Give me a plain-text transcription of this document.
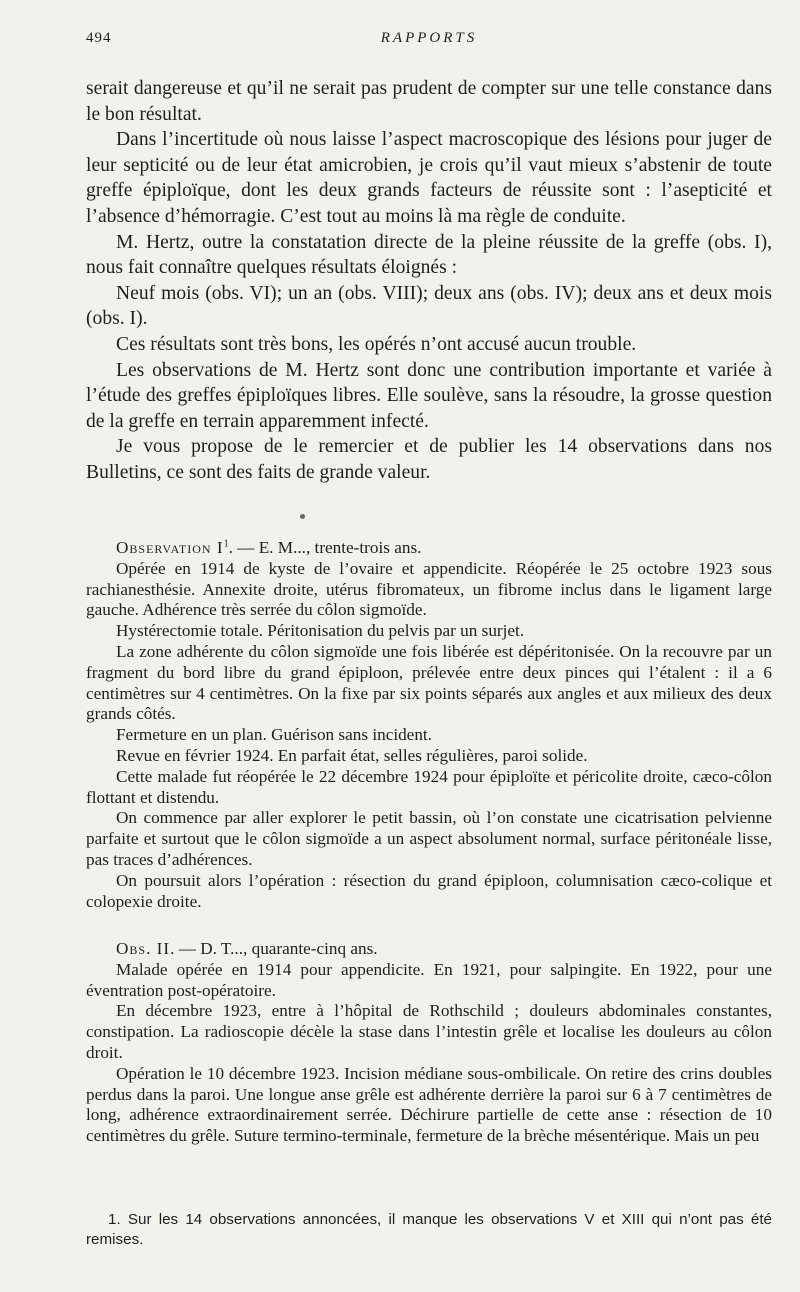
494	RAPPORTS

serait dangereuse et qu’il ne serait pas prudent de compter sur une telle constance dans le bon résultat.

Dans l’incertitude où nous laisse l’aspect macroscopique des lésions pour juger de leur septicité ou de leur état amicrobien, je crois qu’il vaut mieux s’abstenir de toute greffe épiploïque, dont les deux grands facteurs de réussite sont : l’asepticité et l’absence d’hémorragie. C’est tout au moins là ma règle de conduite.

M. Hertz, outre la constatation directe de la pleine réussite de la greffe (obs. I), nous fait connaître quelques résultats éloignés :

Neuf mois (obs. VI); un an (obs. VIII); deux ans (obs. IV); deux ans et deux mois (obs. I).

Ces résultats sont très bons, les opérés n’ont accusé aucun trouble.

Les observations de M. Hertz sont donc une contribution importante et variée à l’étude des greffes épiploïques libres. Elle soulève, sans la résoudre, la grosse question de la greffe en terrain apparemment infecté.

Je vous propose de le remercier et de publier les 14 observations dans nos Bulletins, ce sont des faits de grande valeur.

Observation $I^1$. — E. M..., trente-trois ans.

Opérée en 1914 de kyste de l’ovaire et appendicite. Réopérée le 25 octobre 1923 sous rachianesthésie. Annexite droite, utérus fibromateux, un fibrome inclus dans le ligament large gauche. Adhérence très serrée du côlon sigmoïde.

Hystérectomie totale. Péritonisation du pelvis par un surjet.

La zone adhérente du côlon sigmoïde une fois libérée est dépéritonisée. On la recouvre par un fragment du bord libre du grand épiploon, prélevée entre deux pinces qui l’étalent : il a 6 centimètres sur 4 centimètres. On la fixe par six points séparés aux angles et aux milieux des deux grands côtés.

Fermeture en un plan. Guérison sans incident.

Revue en février 1924. En parfait état, selles régulières, paroi solide.

Cette malade fut réopérée le 22 décembre 1924 pour épiploïte et péricolite droite, cæco-côlon flottant et distendu.

On commence par aller explorer le petit bassin, où l’on constate une cicatrisation pelvienne parfaite et surtout que le côlon sigmoïde a un aspect absolument normal, surface péritonéale lisse, pas traces d’adhérences.

On poursuit alors l’opération : résection du grand épiploon, columnisation cæco-colique et colopexie droite.

Obs. II. — D. T..., quarante-cinq ans.

Malade opérée en 1914 pour appendicite. En 1921, pour salpingite. En 1922, pour une éventration post-opératoire.

En décembre 1923, entre à l’hôpital de Rothschild ; douleurs abdominales constantes, constipation. La radioscopie décèle la stase dans l’intestin grêle et localise les douleurs au côlon droit.

Opération le 10 décembre 1923. Incision médiane sous-ombilicale. On retire des crins doubles perdus dans la paroi. Une longue anse grêle est adhérente derrière la paroi sur 6 à 7 centimètres de long, adhérence extraordinairement serrée. Déchirure partielle de cette anse : résection de 10 centimètres du grêle. Suture termino-terminale, fermeture de la brèche mésentérique. Mais un peu

1. Sur les 14 observations annoncées, il manque les observations V et XIII qui n’ont pas été remises.
